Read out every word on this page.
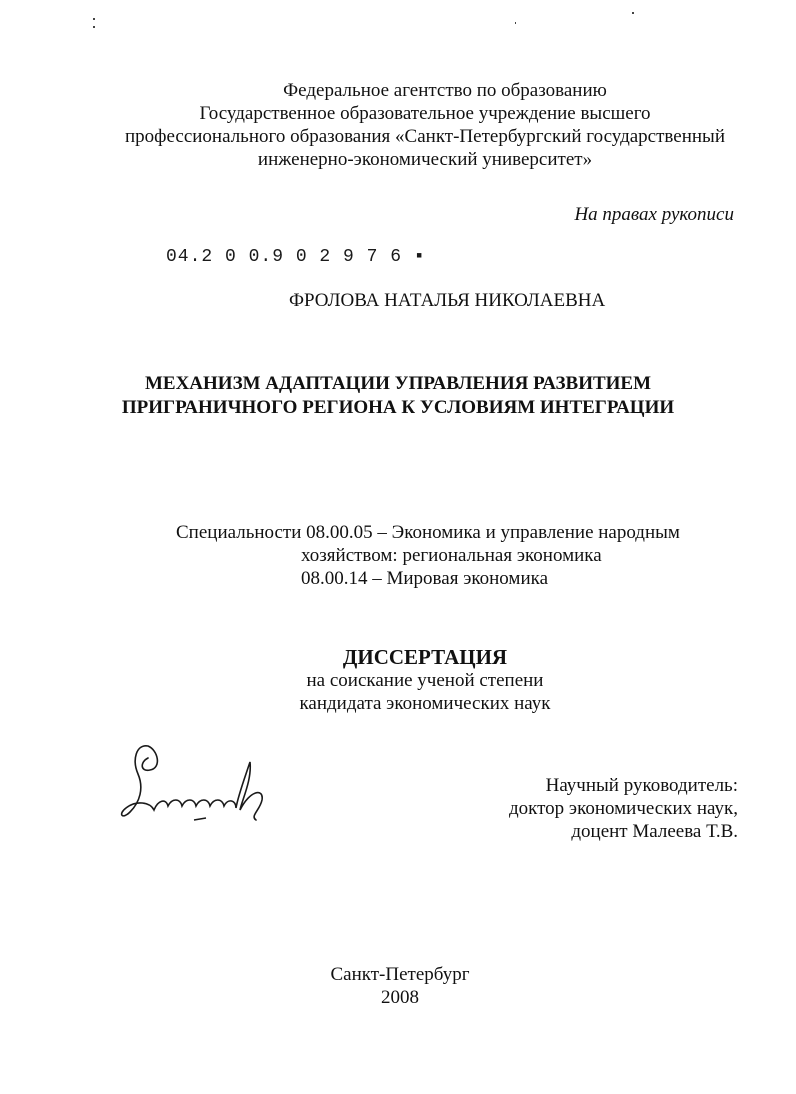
Федеральное агентство по образованию
Государственное образовательное учреждение высшего
профессионального образования «Санкт-Петербургский государственный
инженерно-экономический университет»
На правах рукописи
04.2 0 0.9 0 2 9 7 6 ▪
ФРОЛОВА НАТАЛЬЯ НИКОЛАЕВНА
МЕХАНИЗМ АДАПТАЦИИ УПРАВЛЕНИЯ РАЗВИТИЕМ
ПРИГРАНИЧНОГО РЕГИОНА К УСЛОВИЯМ ИНТЕГРАЦИИ
Специальности 08.00.05 – Экономика и управление народным
хозяйством: региональная экономика
08.00.14 – Мировая экономика
ДИССЕРТАЦИЯ
на соискание ученой степени
кандидата экономических наук
Научный руководитель:
доктор экономических наук,
доцент Малеева Т.В.
Санкт-Петербург
2008
